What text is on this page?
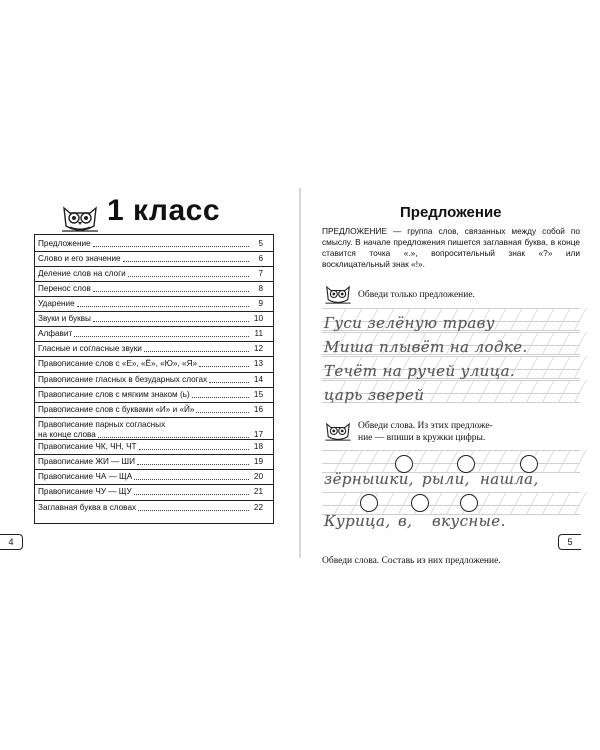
1 класс
Предложение	5
Слово и его значение	6
Деление слов на слоги	7
Перенос слов	8
Ударение	9
Звуки и буквы	10
Алфавит	11
Гласные и согласные звуки	12
Правописание слов с «Е», «Ё», «Ю», «Я»	13
Правописание гласных в безударных слогах	14
Правописание слов с мягким знаком (ь)	15
Правописание слов с буквами «И» и «Й»	16
Правописание парных согласных
на конце слова	17
Правописание ЧК, ЧН, ЧТ	18
Правописание ЖИ — ШИ	19
Правописание ЧА — ЩА	20
Правописание ЧУ — ЩУ	21
Заглавная буква в словах	22
4
Предложение
ПРЕДЛОЖЕНИЕ — группа слов, связанных между собой по смыслу. В начале предложения пишется заглавная буква, в конце ставится точка «.», вопросительный знак «?» или восклицательный знак «!».
Обведи только предложение.
Гуси зелёную траву
Миша плывёт на лодке.
Течёт на ручей улица.
царь зверей
Обведи слова. Из этих предложе-
ние — впиши в кружки цифры.
зёрнышки, рыли, нашла,
Курица, в, вкусные.
Обведи слова. Составь из них предложение.
5
